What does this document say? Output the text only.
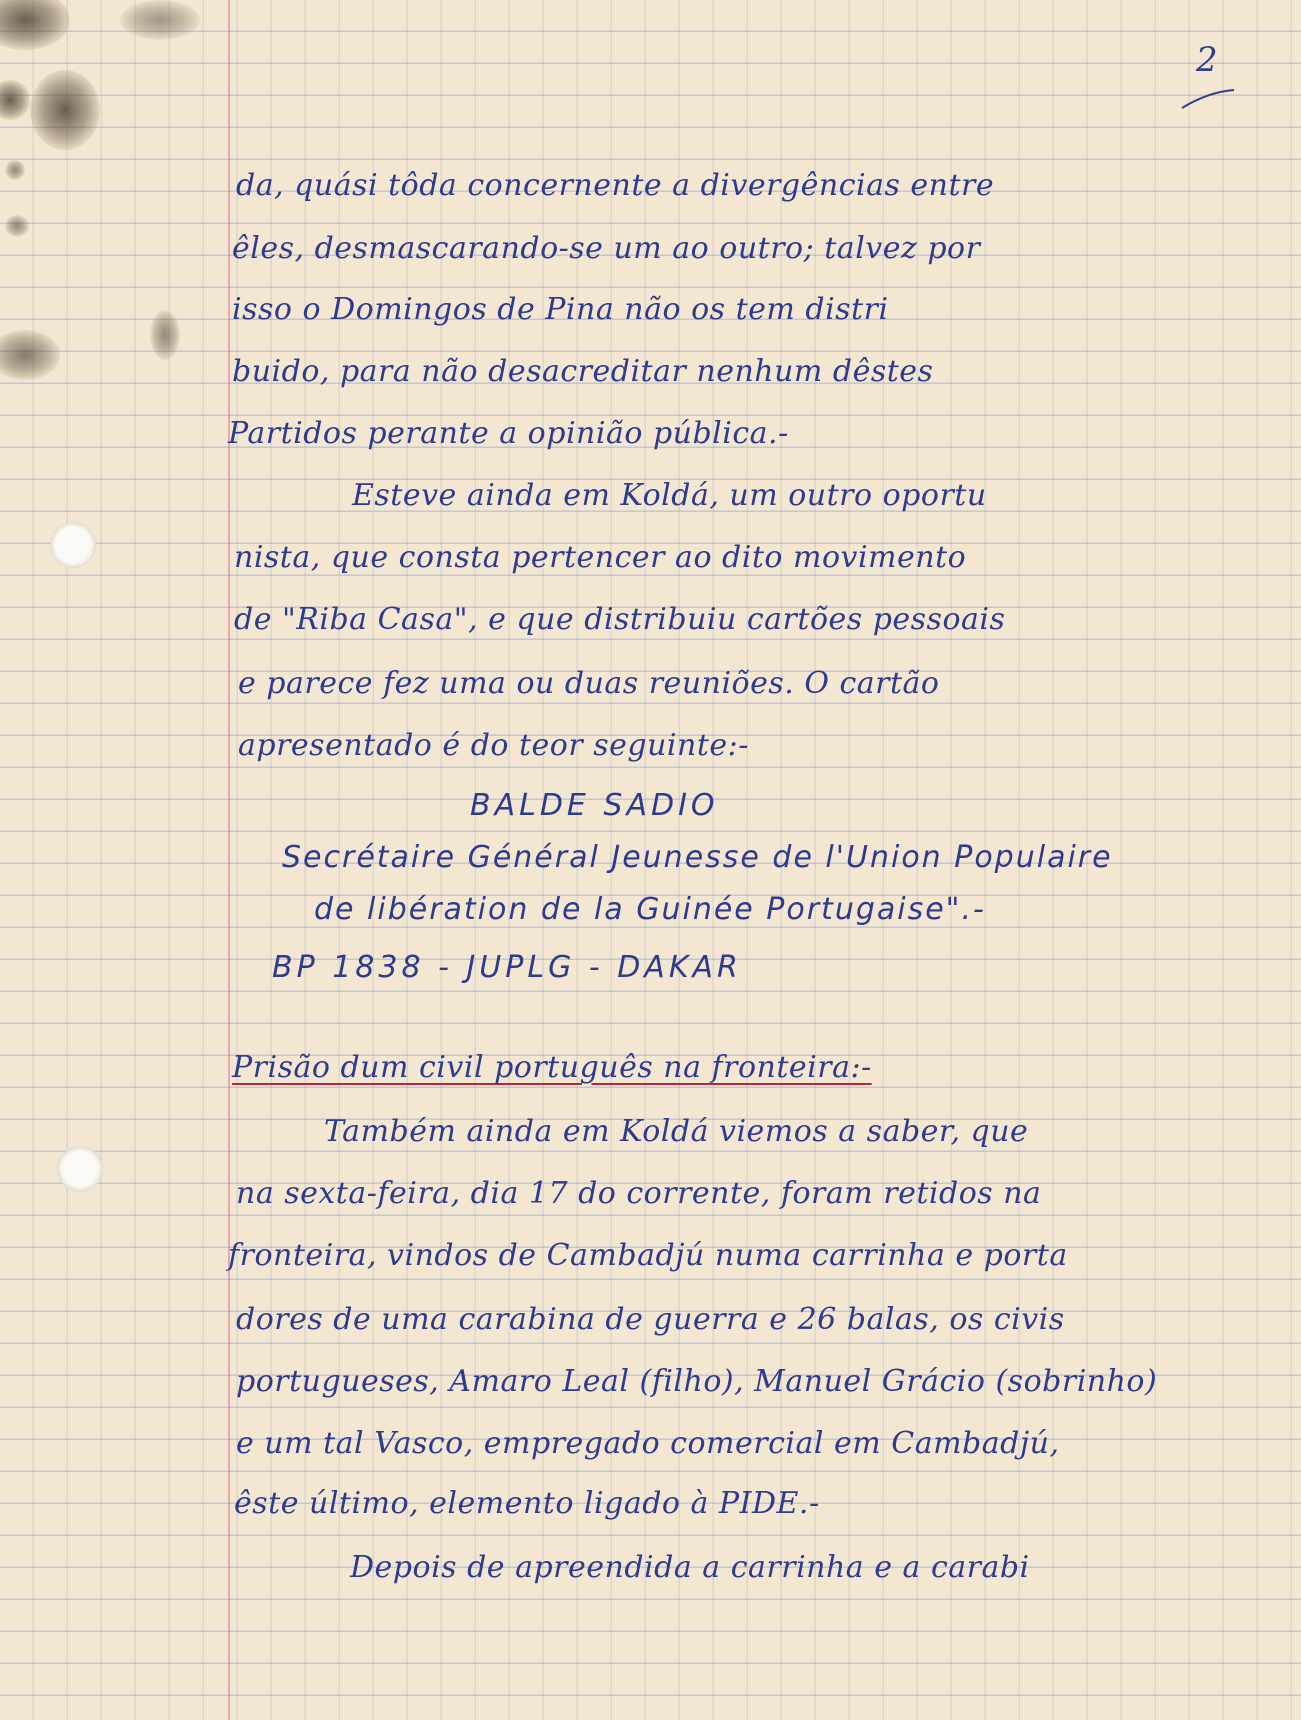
2
da, quási tôda concernente a divergências entre
êles, desmascarando-se um ao outro; talvez por
isso o Domingos de Pina não os tem distri
buido, para não desacreditar nenhum dêstes
Partidos perante a opinião pública.-
Esteve ainda em Koldá, um outro oportu
nista, que consta pertencer ao dito movimento
de "Riba Casa", e que distribuiu cartões pessoais
e parece fez uma ou duas reuniões. O cartão
apresentado é do teor seguinte:-
BALDE SADIO
Secrétaire Général Jeunesse de l'Union Populaire
de libération de la Guinée Portugaise".-
BP 1838 - JUPLG - DAKAR
Prisão dum civil português na fronteira:-
Também ainda em Koldá viemos a saber, que
na sexta-feira, dia 17 do corrente, foram retidos na
fronteira, vindos de Cambadjú numa carrinha e porta
dores de uma carabina de guerra e 26 balas, os civis
portugueses, Amaro Leal (filho), Manuel Grácio (sobrinho)
e um tal Vasco, empregado comercial em Cambadjú,
êste último, elemento ligado à PIDE.-
Depois de apreendida a carrinha e a carabi
